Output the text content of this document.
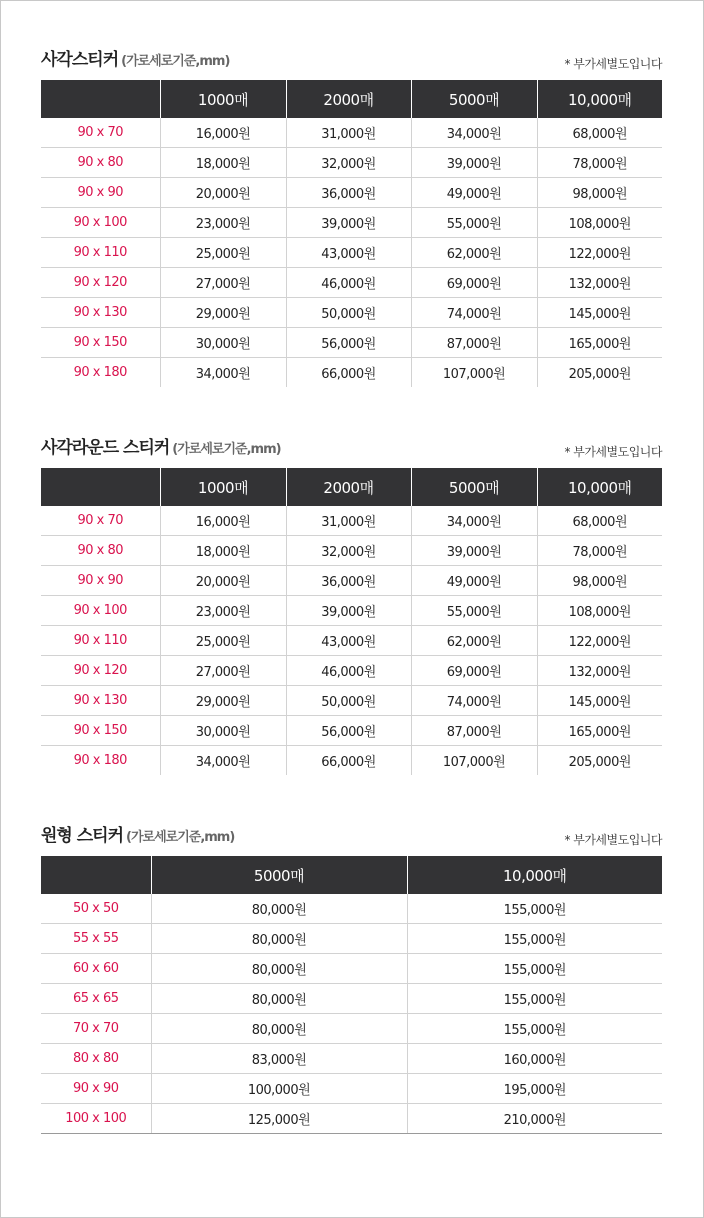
사각스티커 (가로세로기준,mm)	* 부가세별도입니다
	1000매	2000매	5000매	10,000매
90 x 70	16,000원	31,000원	34,000원	68,000원
90 x 80	18,000원	32,000원	39,000원	78,000원
90 x 90	20,000원	36,000원	49,000원	98,000원
90 x 100	23,000원	39,000원	55,000원	108,000원
90 x 110	25,000원	43,000원	62,000원	122,000원
90 x 120	27,000원	46,000원	69,000원	132,000원
90 x 130	29,000원	50,000원	74,000원	145,000원
90 x 150	30,000원	56,000원	87,000원	165,000원
90 x 180	34,000원	66,000원	107,000원	205,000원
사각라운드 스티커 (가로세로기준,mm)	* 부가세별도입니다
	1000매	2000매	5000매	10,000매
90 x 70	16,000원	31,000원	34,000원	68,000원
90 x 80	18,000원	32,000원	39,000원	78,000원
90 x 90	20,000원	36,000원	49,000원	98,000원
90 x 100	23,000원	39,000원	55,000원	108,000원
90 x 110	25,000원	43,000원	62,000원	122,000원
90 x 120	27,000원	46,000원	69,000원	132,000원
90 x 130	29,000원	50,000원	74,000원	145,000원
90 x 150	30,000원	56,000원	87,000원	165,000원
90 x 180	34,000원	66,000원	107,000원	205,000원
원형 스티커 (가로세로기준,mm)	* 부가세별도입니다
	5000매	10,000매
50 x 50	80,000원	155,000원
55 x 55	80,000원	155,000원
60 x 60	80,000원	155,000원
65 x 65	80,000원	155,000원
70 x 70	80,000원	155,000원
80 x 80	83,000원	160,000원
90 x 90	100,000원	195,000원
100 x 100	125,000원	210,000원
